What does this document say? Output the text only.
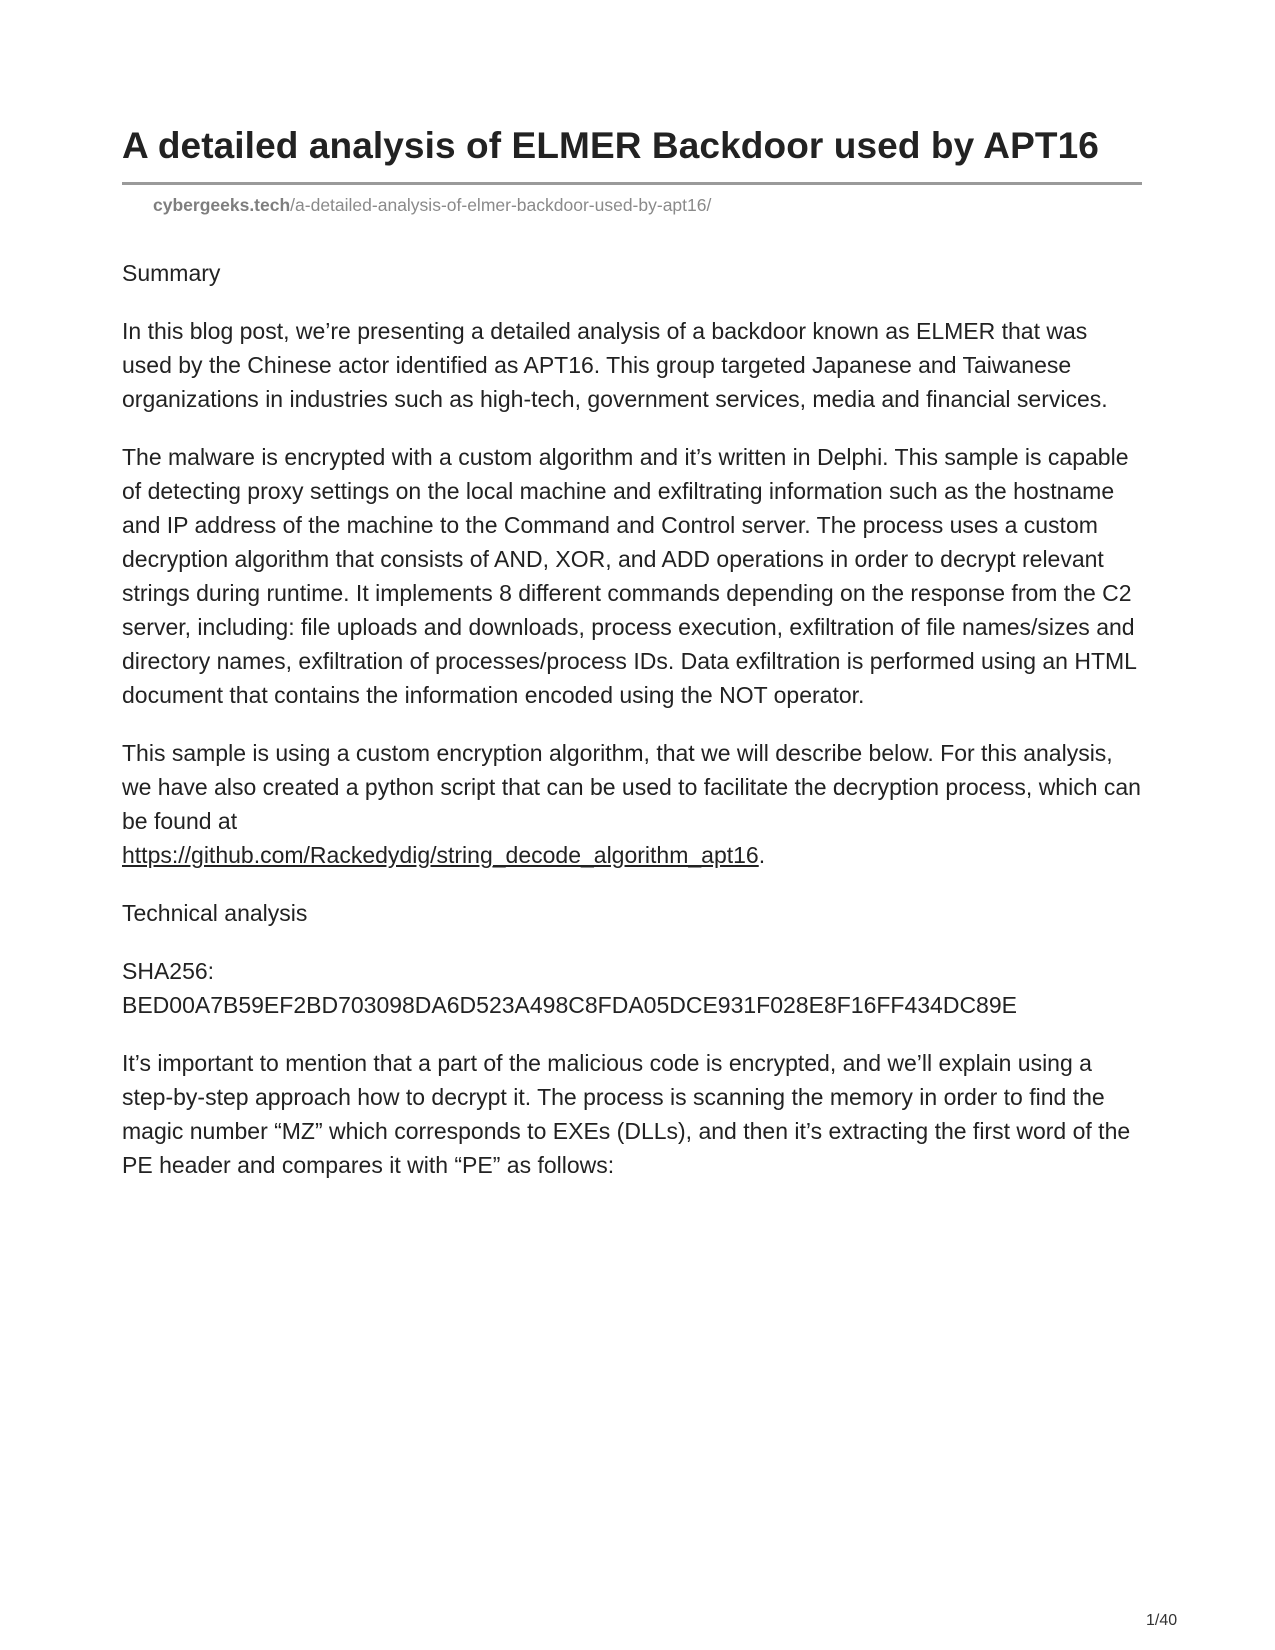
A detailed analysis of ELMER Backdoor used by APT16
cybergeeks.tech/a-detailed-analysis-of-elmer-backdoor-used-by-apt16/

Summary

In this blog post, we’re presenting a detailed analysis of a backdoor known as ELMER that was used by the Chinese actor identified as APT16. This group targeted Japanese and Taiwanese organizations in industries such as high-tech, government services, media and financial services.

The malware is encrypted with a custom algorithm and it’s written in Delphi. This sample is capable of detecting proxy settings on the local machine and exfiltrating information such as the hostname and IP address of the machine to the Command and Control server. The process uses a custom decryption algorithm that consists of AND, XOR, and ADD operations in order to decrypt relevant strings during runtime. It implements 8 different commands depending on the response from the C2 server, including: file uploads and downloads, process execution, exfiltration of file names/sizes and directory names, exfiltration of processes/process IDs. Data exfiltration is performed using an HTML document that contains the information encoded using the NOT operator.

This sample is using a custom encryption algorithm, that we will describe below. For this analysis, we have also created a python script that can be used to facilitate the decryption process, which can be found at
https://github.com/Rackedydig/string_decode_algorithm_apt16.

Technical analysis

SHA256:
BED00A7B59EF2BD703098DA6D523A498C8FDA05DCE931F028E8F16FF434DC89E

It’s important to mention that a part of the malicious code is encrypted, and we’ll explain using a step-by-step approach how to decrypt it. The process is scanning the memory in order to find the magic number “MZ” which corresponds to EXEs (DLLs), and then it’s extracting the first word of the PE header and compares it with “PE” as follows:

1/40
